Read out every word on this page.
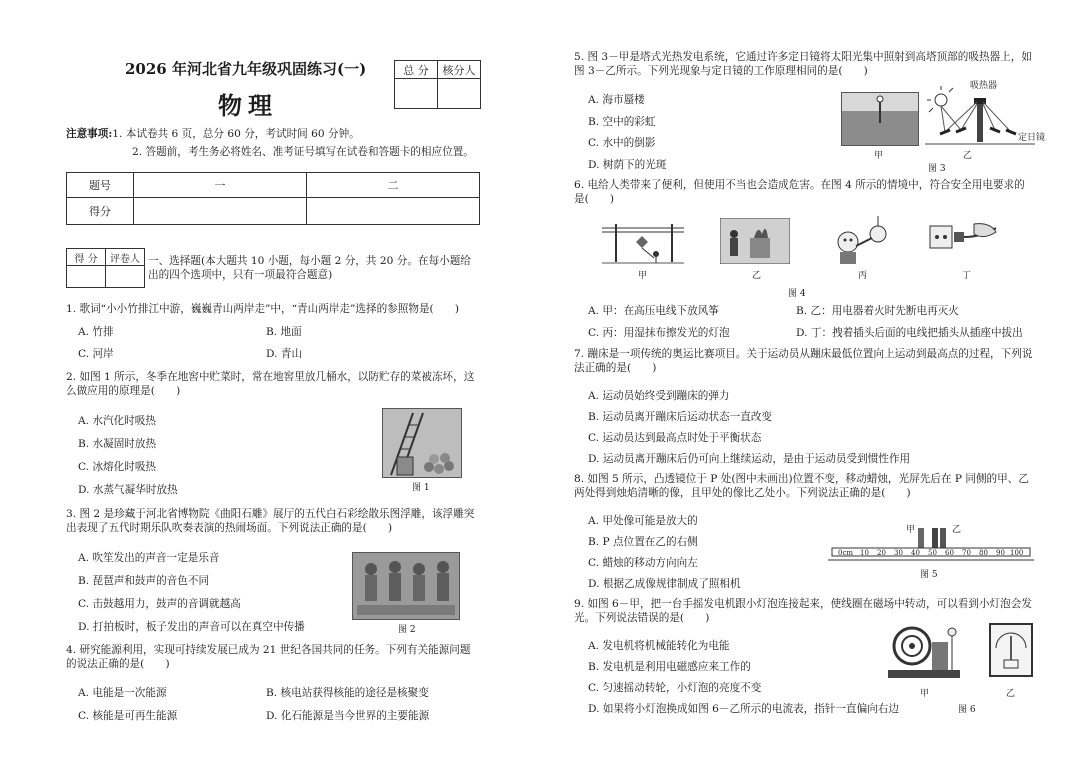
2026 年河北省九年级巩固练习(一)
物理
总 分	核分人

注意事项:1. 本试卷共 6 页，总分 60 分，考试时间 60 分钟。
2. 答题前，考生务必将姓名、准考证号填写在试卷和答题卡的相应位置。
题号	一	二
得分		
得 分	评卷人
	一、选择题(本大题共 10 小题，每小题 2 分，共 20 分。在每小题给出的四个选项中，只有一项最符合题意)
1. 歌词“小小竹排江中游，巍巍青山两岸走”中，“青山两岸走”选择的参照物是(　　)
A. 竹排	B. 地面
C. 河岸	D. 青山
2. 如图 1 所示，冬季在地窖中贮菜时，常在地窖里放几桶水，以防贮存的菜被冻坏，这么做应用的原理是(　　)
A. 水汽化时吸热
B. 水凝固时放热
C. 冰熔化时吸热
D. 水蒸气凝华时放热	图 1
3. 图 2 是珍藏于河北省博物院《曲阳石雕》展厅的五代白石彩绘散乐图浮雕，该浮雕突出表现了五代时期乐队吹奏表演的热闹场面。下列说法正确的是(　　)
A. 吹笙发出的声音一定是乐音
B. 琵琶声和鼓声的音色不同
C. 击鼓越用力，鼓声的音调就越高
D. 打拍板时，板子发出的声音可以在真空中传播	图 2
4. 研究能源利用，实现可持续发展已成为 21 世纪各国共同的任务。下列有关能源问题的说法正确的是(　　)
A. 电能是一次能源	B. 核电站获得核能的途径是核聚变
C. 核能是可再生能源	D. 化石能源是当今世界的主要能源
5. 图 3－甲是塔式光热发电系统，它通过许多定日镜将太阳光集中照射到高塔顶部的吸热器上，如图 3－乙所示。下列光现象与定日镜的工作原理相同的是(　　)
A. 海市蜃楼
B. 空中的彩虹
C. 水中的倒影
D. 树荫下的光斑
甲
吸热器
定日镜
乙
图 3
6. 电给人类带来了便利，但使用不当也会造成危害。在图 4 所示的情境中，符合安全用电要求的是(　　)
甲	乙	丙	丁
图 4
A. 甲：在高压电线下放风筝	B. 乙：用电器着火时先断电再灭火
C. 丙：用湿抹布擦发光的灯泡	D. 丁：拽着插头后面的电线把插头从插座中拔出
7. 蹦床是一项传统的奥运比赛项目。关于运动员从蹦床最低位置向上运动到最高点的过程，下列说法正确的是(　　)
A. 运动员始终受到蹦床的弹力
B. 运动员离开蹦床后运动状态一直改变
C. 运动员达到最高点时处于平衡状态
D. 运动员离开蹦床后仍可向上继续运动，是由于运动员受到惯性作用
8. 如图 5 所示，凸透镜位于 P 处(图中未画出)位置不变，移动蜡烛，光屏先后在 P 同侧的甲、乙两处得到烛焰清晰的像，且甲处的像比乙处小。下列说法正确的是(　　)
A. 甲处像可能是放大的
B. P 点位置在乙的右侧
C. 蜡烛的移动方向向左
D. 根据乙成像规律制成了照相机
甲	乙
0cm 10 20 30 40 50 60 70 80 90 100
图 5
9. 如图 6－甲，把一台手摇发电机跟小灯泡连接起来，使线圈在磁场中转动，可以看到小灯泡会发光。下列说法错误的是(　　)
A. 发电机将机械能转化为电能
B. 发电机是利用电磁感应来工作的
C. 匀速摇动转轮，小灯泡的亮度不变
D. 如果将小灯泡换成如图 6－乙所示的电流表，指针一直偏向右边
甲	乙
图 6
